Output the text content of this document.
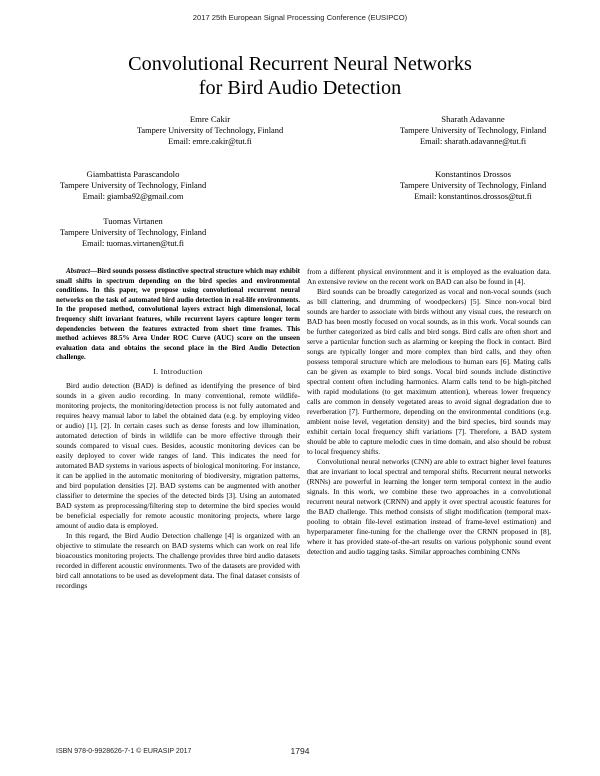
2017 25th European Signal Processing Conference (EUSIPCO)
Convolutional Recurrent Neural Networks
for Bird Audio Detection
Emre Cakir
Tampere University of Technology, Finland
Email: emre.cakir@tut.fi
Sharath Adavanne
Tampere University of Technology, Finland
Email: sharath.adavanne@tut.fi
Giambattista Parascandolo
Tampere University of Technology, Finland
Email: giamba92@gmail.com
Konstantinos Drossos
Tampere University of Technology, Finland
Email: konstantinos.drossos@tut.fi
Tuomas Virtanen
Tampere University of Technology, Finland
Email: tuomas.virtanen@tut.fi

Abstract—Bird sounds possess distinctive spectral structure which may exhibit small shifts in spectrum depending on the bird species and environmental conditions. In this paper, we propose using convolutional recurrent neural networks on the task of automated bird audio detection in real-life environments. In the proposed method, convolutional layers extract high dimensional, local frequency shift invariant features, while recurrent layers capture longer term dependencies between the features extracted from short time frames. This method achieves 88.5% Area Under ROC Curve (AUC) score on the unseen evaluation data and obtains the second place in the Bird Audio Detection challenge.

I. Introduction

Bird audio detection (BAD) is defined as identifying the presence of bird sounds in a given audio recording. In many conventional, remote wildlife-monitoring projects, the monitoring/detection process is not fully automated and requires heavy manual labor to label the obtained data (e.g. by employing video or audio) [1], [2]. In certain cases such as dense forests and low illumination, automated detection of birds in wildlife can be more effective through their sounds compared to visual cues. Besides, acoustic monitoring devices can be easily deployed to cover wide ranges of land. This indicates the need for automated BAD systems in various aspects of biological monitoring. For instance, it can be applied in the automatic monitoring of biodiversity, migration patterns, and bird population densities [2]. BAD systems can be augmented with another classifier to determine the species of the detected birds [3]. Using an automated BAD system as preprocessing/filtering step to determine the bird species would be beneficial especially for remote acoustic monitoring projects, where large amount of audio data is employed.

In this regard, the Bird Audio Detection challenge [4] is organized with an objective to stimulate the research on BAD systems which can work on real life bioacoustics monitoring projects. The challenge provides three bird audio datasets recorded in different acoustic environments. Two of the datasets are provided with bird call annotations to be used as development data. The final dataset consists of recordings

from a different physical environment and it is employed as the evaluation data. An extensive review on the recent work on BAD can also be found in [4].

Bird sounds can be broadly categorized as vocal and non-vocal sounds (such as bill clattering, and drumming of woodpeckers) [5]. Since non-vocal bird sounds are harder to associate with birds without any visual cues, the research on BAD has been mostly focused on vocal sounds, as in this work. Vocal sounds can be further categorized as bird calls and bird songs. Bird calls are often short and serve a particular function such as alarming or keeping the flock in contact. Bird songs are typically longer and more complex than bird calls, and they often possess temporal structure which are melodious to human ears [6]. Mating calls can be given as example to bird songs. Vocal bird sounds include distinctive spectral content often including harmonics. Alarm calls tend to be high-pitched with rapid modulations (to get maximum attention), whereas lower frequency calls are common in densely vegetated areas to avoid signal degradation due to reverberation [7]. Furthermore, depending on the environmental conditions (e.g. ambient noise level, vegetation density) and the bird species, bird sounds may exhibit certain local frequency shift variations [7]. Therefore, a BAD system should be able to capture melodic cues in time domain, and also should be robust to local frequency shifts.

Convolutional neural networks (CNN) are able to extract higher level features that are invariant to local spectral and temporal shifts. Recurrent neural networks (RNNs) are powerful in learning the longer term temporal context in the audio signals. In this work, we combine these two approaches in a convolutional recurrent neural network (CRNN) and apply it over spectral acoustic features for the BAD challenge. This method consists of slight modification (temporal max-pooling to obtain file-level estimation instead of frame-level estimation) and hyperparameter fine-tuning for the challenge over the CRNN proposed in [8], where it has provided state-of-the-art results on various polyphonic sound event detection and audio tagging tasks. Similar approaches combining CNNs

ISBN 978-0-9928626-7-1 © EURASIP 2017	1794
